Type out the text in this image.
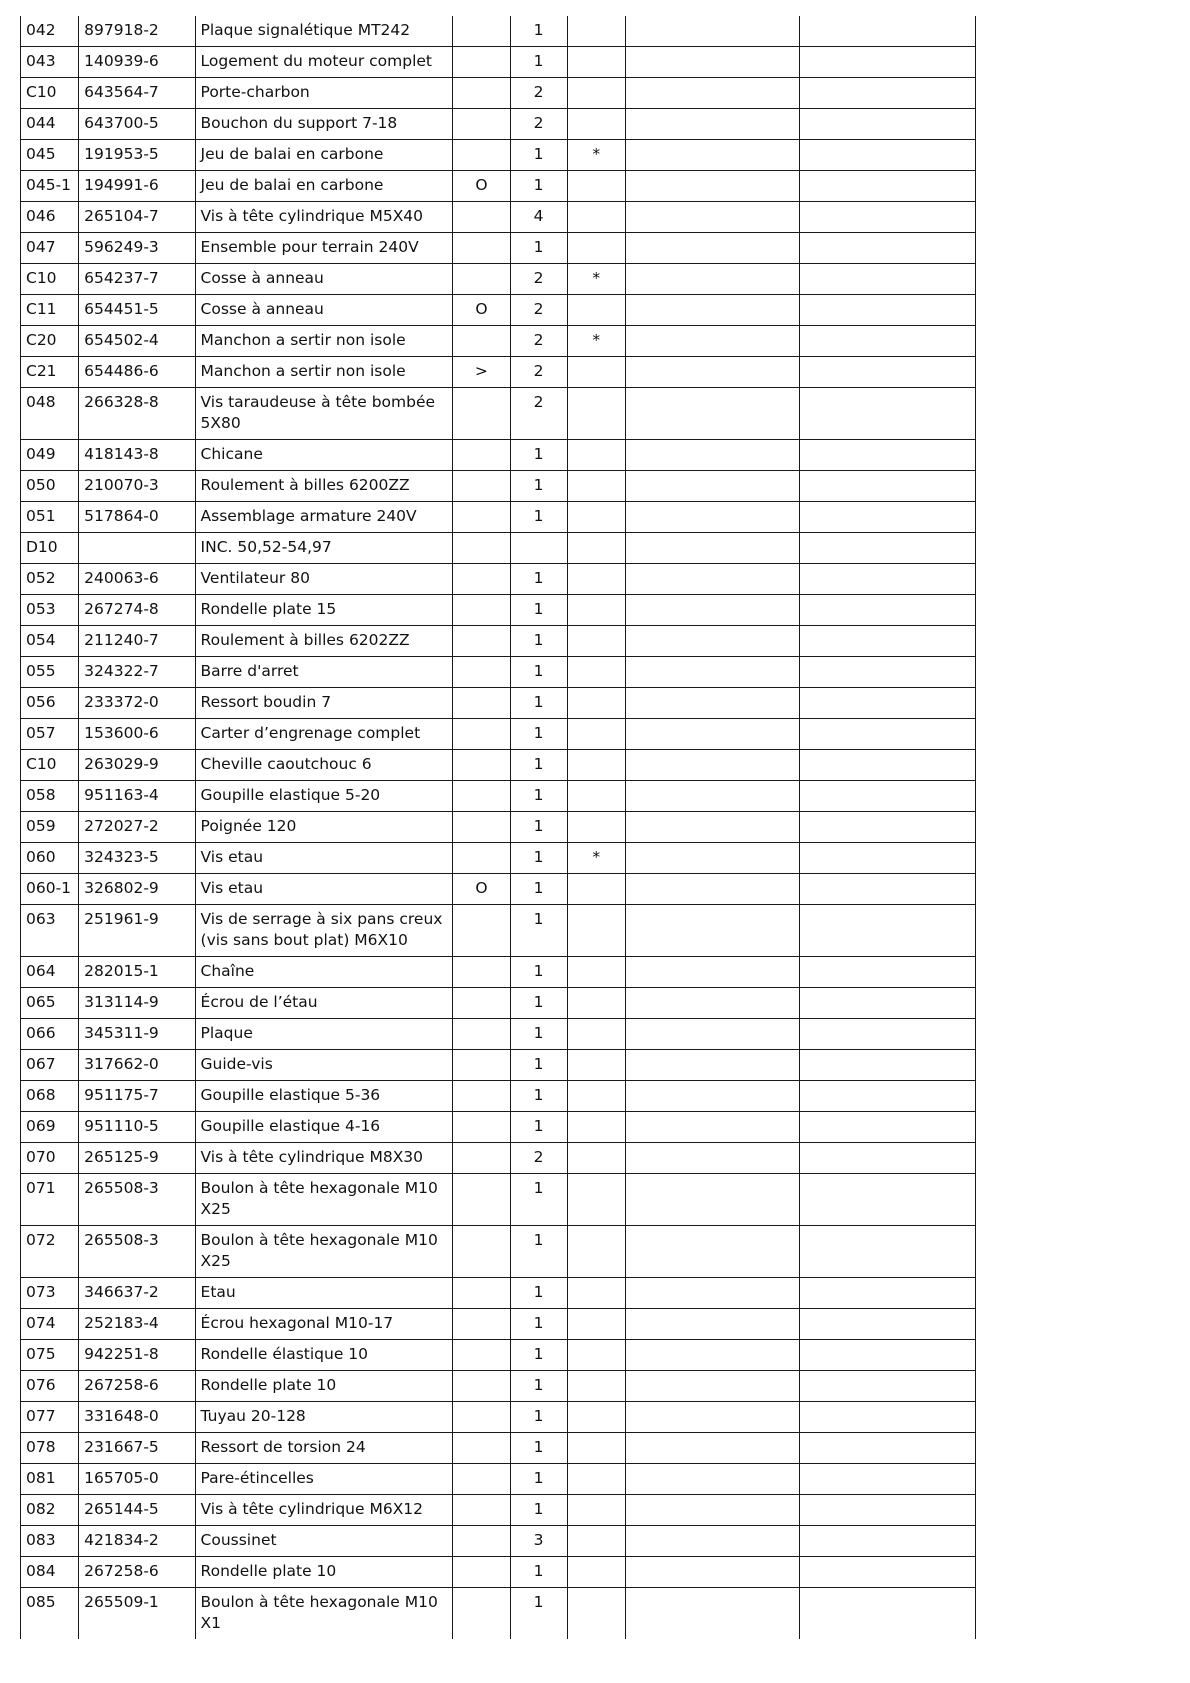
042	897918-2	Plaque signalétique MT242		1			
043	140939-6	Logement du moteur complet		1			
C10	643564-7	Porte-charbon		2			
044	643700-5	Bouchon du support 7-18		2			
045	191953-5	Jeu de balai en carbone		1	*		
045-1	194991-6	Jeu de balai en carbone	O	1			
046	265104-7	Vis à tête cylindrique M5X40		4			
047	596249-3	Ensemble pour terrain 240V		1			
C10	654237-7	Cosse à anneau		2	*		
C11	654451-5	Cosse à anneau	O	2			
C20	654502-4	Manchon a sertir non isole		2	*		
C21	654486-6	Manchon a sertir non isole	>	2			
048	266328-8	Vis taraudeuse à tête bombée 5X80		2			
049	418143-8	Chicane		1			
050	210070-3	Roulement à billes 6200ZZ		1			
051	517864-0	Assemblage armature 240V		1			
D10		INC. 50,52-54,97					
052	240063-6	Ventilateur 80		1			
053	267274-8	Rondelle plate 15		1			
054	211240-7	Roulement à billes 6202ZZ		1			
055	324322-7	Barre d'arret		1			
056	233372-0	Ressort boudin 7		1			
057	153600-6	Carter d’engrenage complet		1			
C10	263029-9	Cheville caoutchouc 6		1			
058	951163-4	Goupille elastique 5-20		1			
059	272027-2	Poignée 120		1			
060	324323-5	Vis etau		1	*		
060-1	326802-9	Vis etau	O	1			
063	251961-9	Vis de serrage à six pans creux (vis sans bout plat) M6X10		1			
064	282015-1	Chaîne		1			
065	313114-9	Écrou de l’étau		1			
066	345311-9	Plaque		1			
067	317662-0	Guide-vis		1			
068	951175-7	Goupille elastique 5-36		1			
069	951110-5	Goupille elastique 4-16		1			
070	265125-9	Vis à tête cylindrique M8X30		2			
071	265508-3	Boulon à tête hexagonale M10X25		1			
072	265508-3	Boulon à tête hexagonale M10X25		1			
073	346637-2	Etau		1			
074	252183-4	Écrou hexagonal M10-17		1			
075	942251-8	Rondelle élastique 10		1			
076	267258-6	Rondelle plate 10		1			
077	331648-0	Tuyau 20-128		1			
078	231667-5	Ressort de torsion 24		1			
081	165705-0	Pare-étincelles		1			
082	265144-5	Vis à tête cylindrique M6X12		1			
083	421834-2	Coussinet		3			
084	267258-6	Rondelle plate 10		1			
085	265509-1	Boulon à tête hexagonale M10X1		1			
